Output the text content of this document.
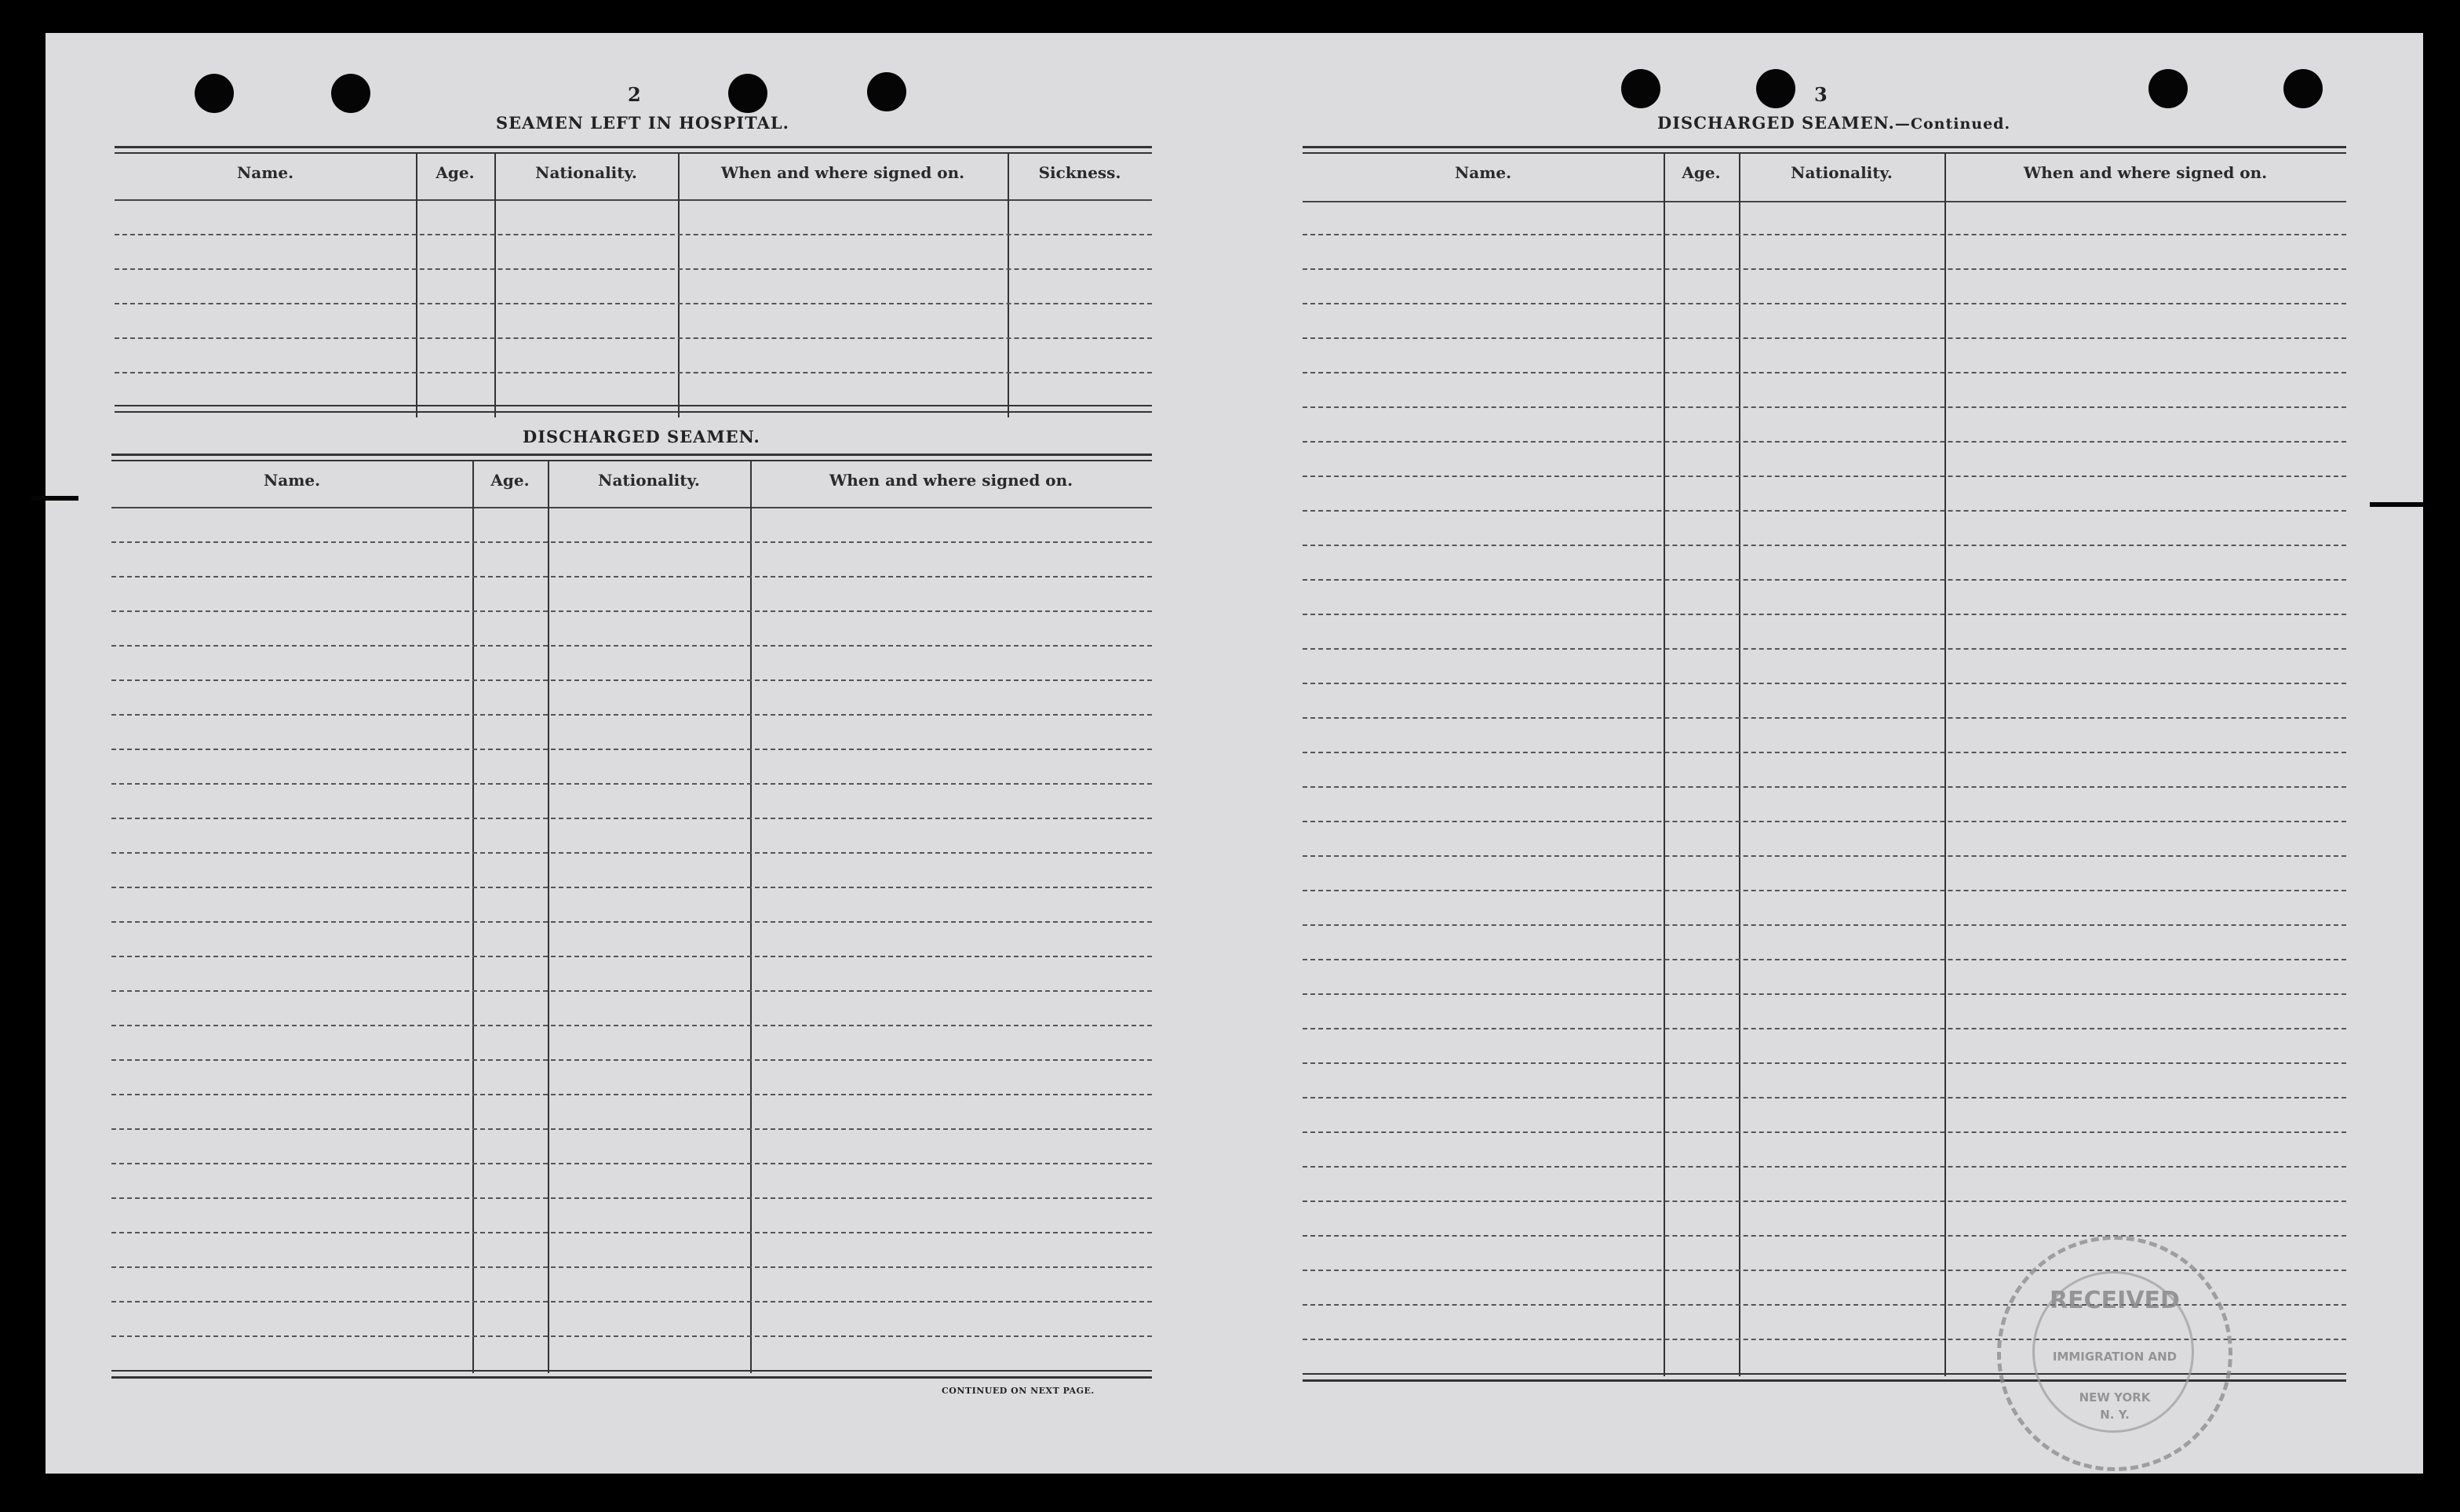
2
SEAMEN LEFT IN HOSPITAL.
Name.	Age.	Nationality.	When and where signed on.	Sickness.
DISCHARGED SEAMEN.
Name.	Age.	Nationality.	When and where signed on.
CONTINUED ON NEXT PAGE.
3
DISCHARGED SEAMEN.—Continued.
Name.	Age.	Nationality.	When and where signed on.
RECEIVED
IMMIGRATION AND
NEW YORK
N. Y.
